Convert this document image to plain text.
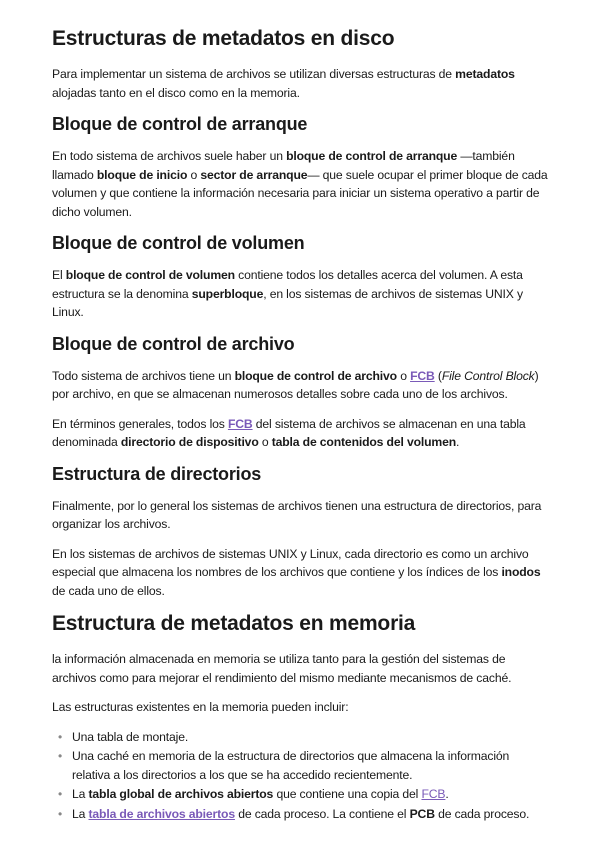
Estructuras de metadatos en disco

Para implementar un sistema de archivos se utilizan diversas estructuras de metadatos alojadas tanto en el disco como en la memoria.

Bloque de control de arranque

En todo sistema de archivos suele haber un bloque de control de arranque —también llamado bloque de inicio o sector de arranque— que suele ocupar el primer bloque de cada volumen y que contiene la información necesaria para iniciar un sistema operativo a partir de dicho volumen.

Bloque de control de volumen

El bloque de control de volumen contiene todos los detalles acerca del volumen. A esta estructura se la denomina superbloque, en los sistemas de archivos de sistemas UNIX y Linux.

Bloque de control de archivo

Todo sistema de archivos tiene un bloque de control de archivo o FCB (File Control Block) por archivo, en que se almacenan numerosos detalles sobre cada uno de los archivos.

En términos generales, todos los FCB del sistema de archivos se almacenan en una tabla denominada directorio de dispositivo o tabla de contenidos del volumen.

Estructura de directorios

Finalmente, por lo general los sistemas de archivos tienen una estructura de directorios, para organizar los archivos.

En los sistemas de archivos de sistemas UNIX y Linux, cada directorio es como un archivo especial que almacena los nombres de los archivos que contiene y los índices de los inodos de cada uno de ellos.

Estructura de metadatos en memoria

la información almacenada en memoria se utiliza tanto para la gestión del sistemas de archivos como para mejorar el rendimiento del mismo mediante mecanismos de caché.

Las estructuras existentes en la memoria pueden incluir:

• Una tabla de montaje.
• Una caché en memoria de la estructura de directorios que almacena la información relativa a los directorios a los que se ha accedido recientemente.
• La tabla global de archivos abiertos que contiene una copia del FCB.
• La tabla de archivos abiertos de cada proceso. La contiene el PCB de cada proceso.
